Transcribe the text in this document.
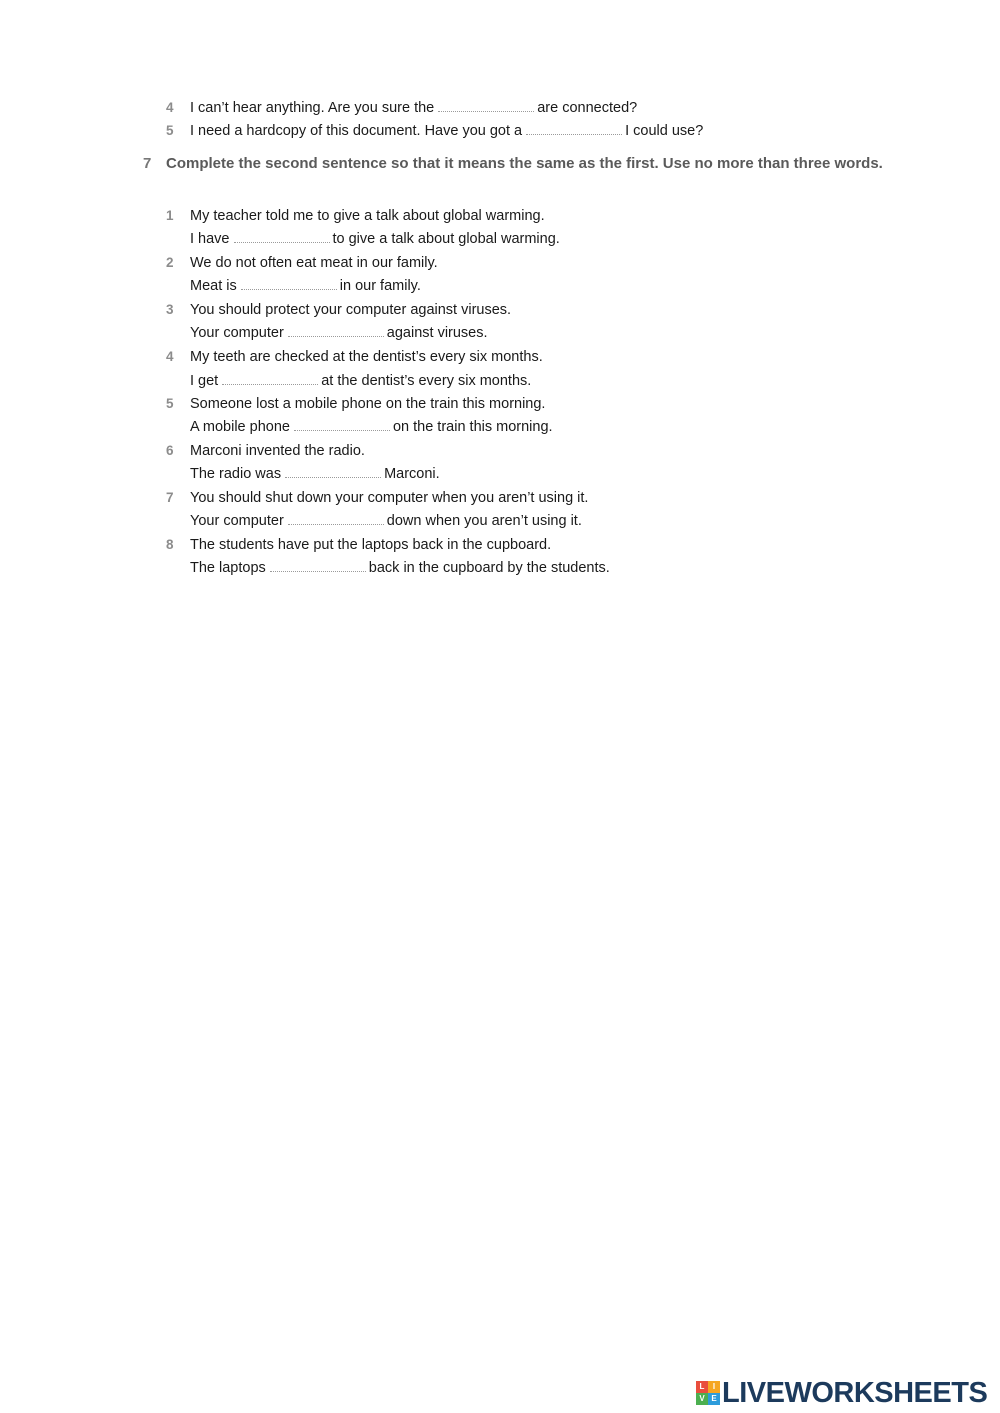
4	I can’t hear anything. Are you sure the	are connected?
5	I need a hardcopy of this document. Have you got a	I could use?
7 Complete the second sentence so that it means the same as the first. Use no more than three words.
1	My teacher told me to give a talk about global warming.
I have	to give a talk about global warming.
2	We do not often eat meat in our family.
Meat is	in our family.
3	You should protect your computer against viruses.
Your computer	against viruses.
4	My teeth are checked at the dentist’s every six months.
I get	at the dentist’s every six months.
5	Someone lost a mobile phone on the train this morning.
A mobile phone	on the train this morning.
6	Marconi invented the radio.
The radio was	Marconi.
7	You should shut down your computer when you aren’t using it.
Your computer	down when you aren’t using it.
8	The students have put the laptops back in the cupboard.
The laptops	back in the cupboard by the students.
L	I
V E LIVEWORKSHEETS
